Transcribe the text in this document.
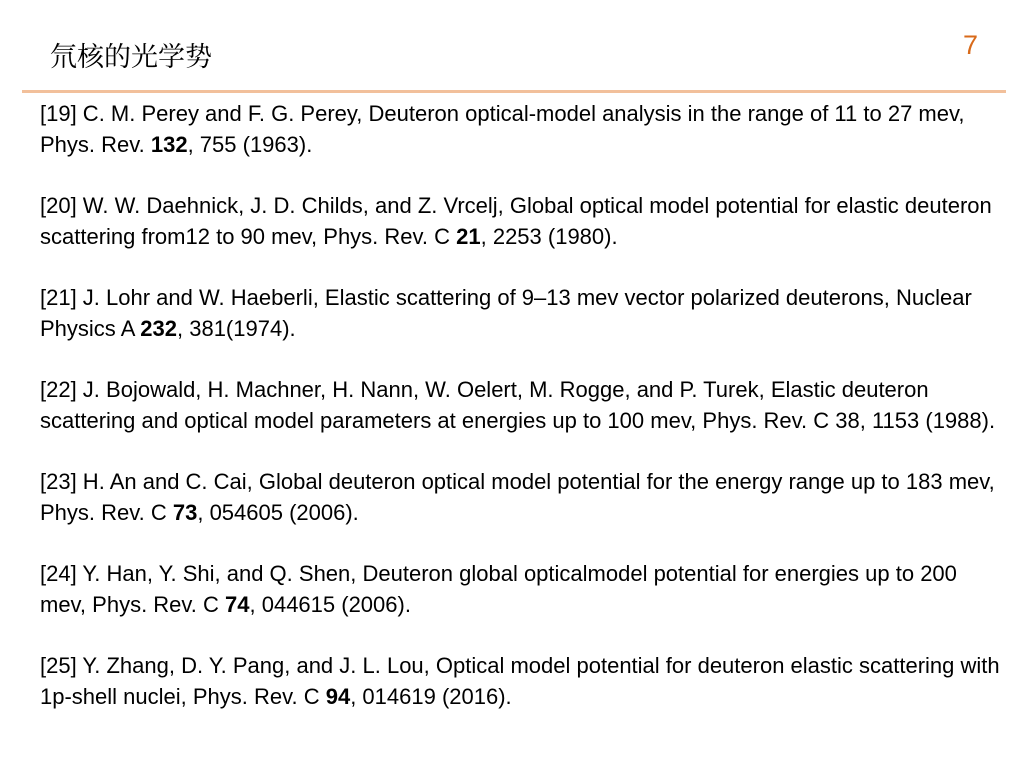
氘核的光学势	7
[19] C. M. Perey and F. G. Perey, Deuteron optical-model analysis in the range of 11 to 27 mev, Phys. Rev. 132, 755 (1963).
[20] W. W. Daehnick, J. D. Childs, and Z. Vrcelj, Global optical model potential for elastic deuteron scattering from12 to 90 mev, Phys. Rev. C 21, 2253 (1980).
[21] J. Lohr and W. Haeberli, Elastic scattering of 9–13 mev vector polarized deuterons, Nuclear Physics A 232, 381(1974).
[22] J. Bojowald, H. Machner, H. Nann, W. Oelert, M. Rogge, and P. Turek, Elastic deuteron scattering and optical model parameters at energies up to 100 mev, Phys. Rev. C 38, 1153 (1988).
[23] H. An and C. Cai, Global deuteron optical model potential for the energy range up to 183 mev, Phys. Rev. C 73, 054605 (2006).
[24] Y. Han, Y. Shi, and Q. Shen, Deuteron global opticalmodel potential for energies up to 200 mev, Phys. Rev. C 74, 044615 (2006).
[25] Y. Zhang, D. Y. Pang, and J. L. Lou, Optical model potential for deuteron elastic scattering with 1p-shell nuclei, Phys. Rev. C 94, 014619 (2016).
